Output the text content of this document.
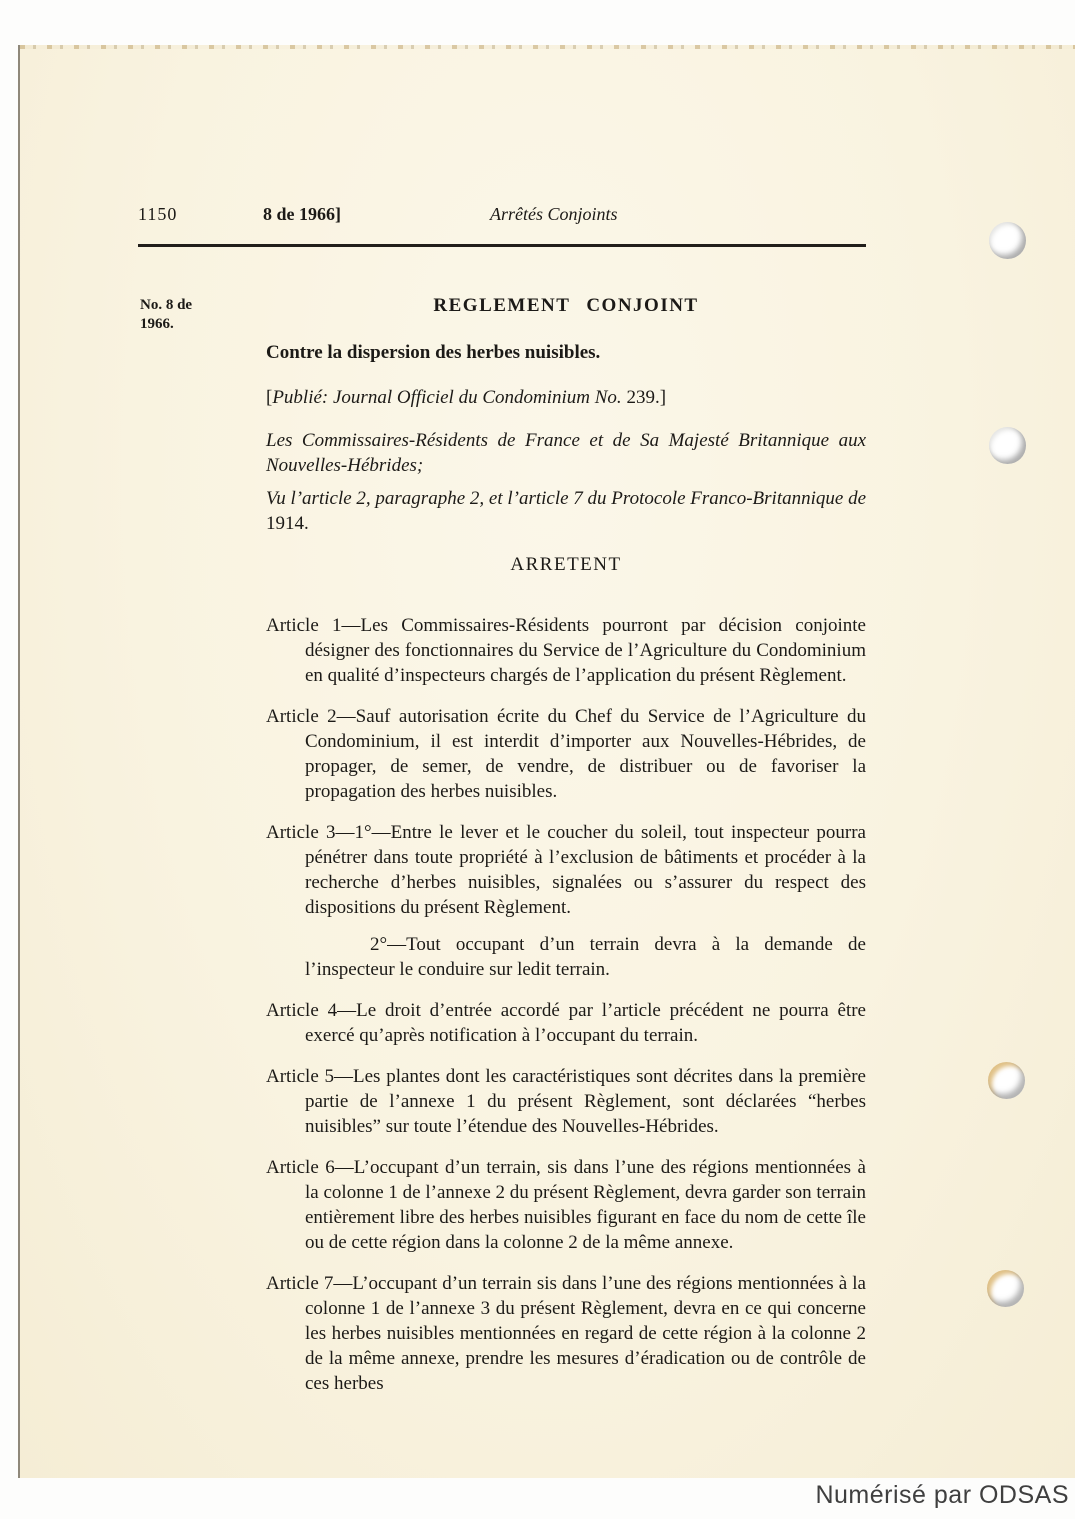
1150	8 de 1966]	Arrêtés Conjoints
No. 8 de
1966.
REGLEMENT CONJOINT

Contre la dispersion des herbes nuisibles.

[Publié: Journal Officiel du Condominium No. 239.]

Les Commissaires-Résidents de France et de Sa Majesté Britannique aux Nouvelles-Hébrides;

Vu l’article 2, paragraphe 2, et l’article 7 du Protocole Franco-Britannique de 1914.

ARRETENT

Article 1—Les Commissaires-Résidents pourront par décision conjointe désigner des fonctionnaires du Service de l’Agriculture du Condominium en qualité d’inspecteurs chargés de l’application du présent Règlement.

Article 2—Sauf autorisation écrite du Chef du Service de l’Agriculture du Condominium, il est interdit d’importer aux Nouvelles-Hébrides, de propager, de semer, de vendre, de distribuer ou de favoriser la propagation des herbes nuisibles.

Article 3—1°—Entre le lever et le coucher du soleil, tout inspecteur pourra pénétrer dans toute propriété à l’exclusion de bâtiments et procéder à la recherche d’herbes nuisibles, signalées ou s’assurer du respect des dispositions du présent Règlement.

2°—Tout occupant d’un terrain devra à la demande de l’inspecteur le conduire sur ledit terrain.

Article 4—Le droit d’entrée accordé par l’article précédent ne pourra être exercé qu’après notification à l’occupant du terrain.

Article 5—Les plantes dont les caractéristiques sont décrites dans la première partie de l’annexe 1 du présent Règlement, sont déclarées “herbes nuisibles” sur toute l’étendue des Nouvelles-Hébrides.

Article 6—L’occupant d’un terrain, sis dans l’une des régions mentionnées à la colonne 1 de l’annexe 2 du présent Règlement, devra garder son terrain entièrement libre des herbes nuisibles figurant en face du nom de cette île ou de cette région dans la colonne 2 de la même annexe.

Article 7—L’occupant d’un terrain sis dans l’une des régions mentionnées à la colonne 1 de l’annexe 3 du présent Règlement, devra en ce qui concerne les herbes nuisibles mentionnées en regard de cette région à la colonne 2 de la même annexe, prendre les mesures d’éradication ou de contrôle de ces herbes

Numérisé par ODSAS
